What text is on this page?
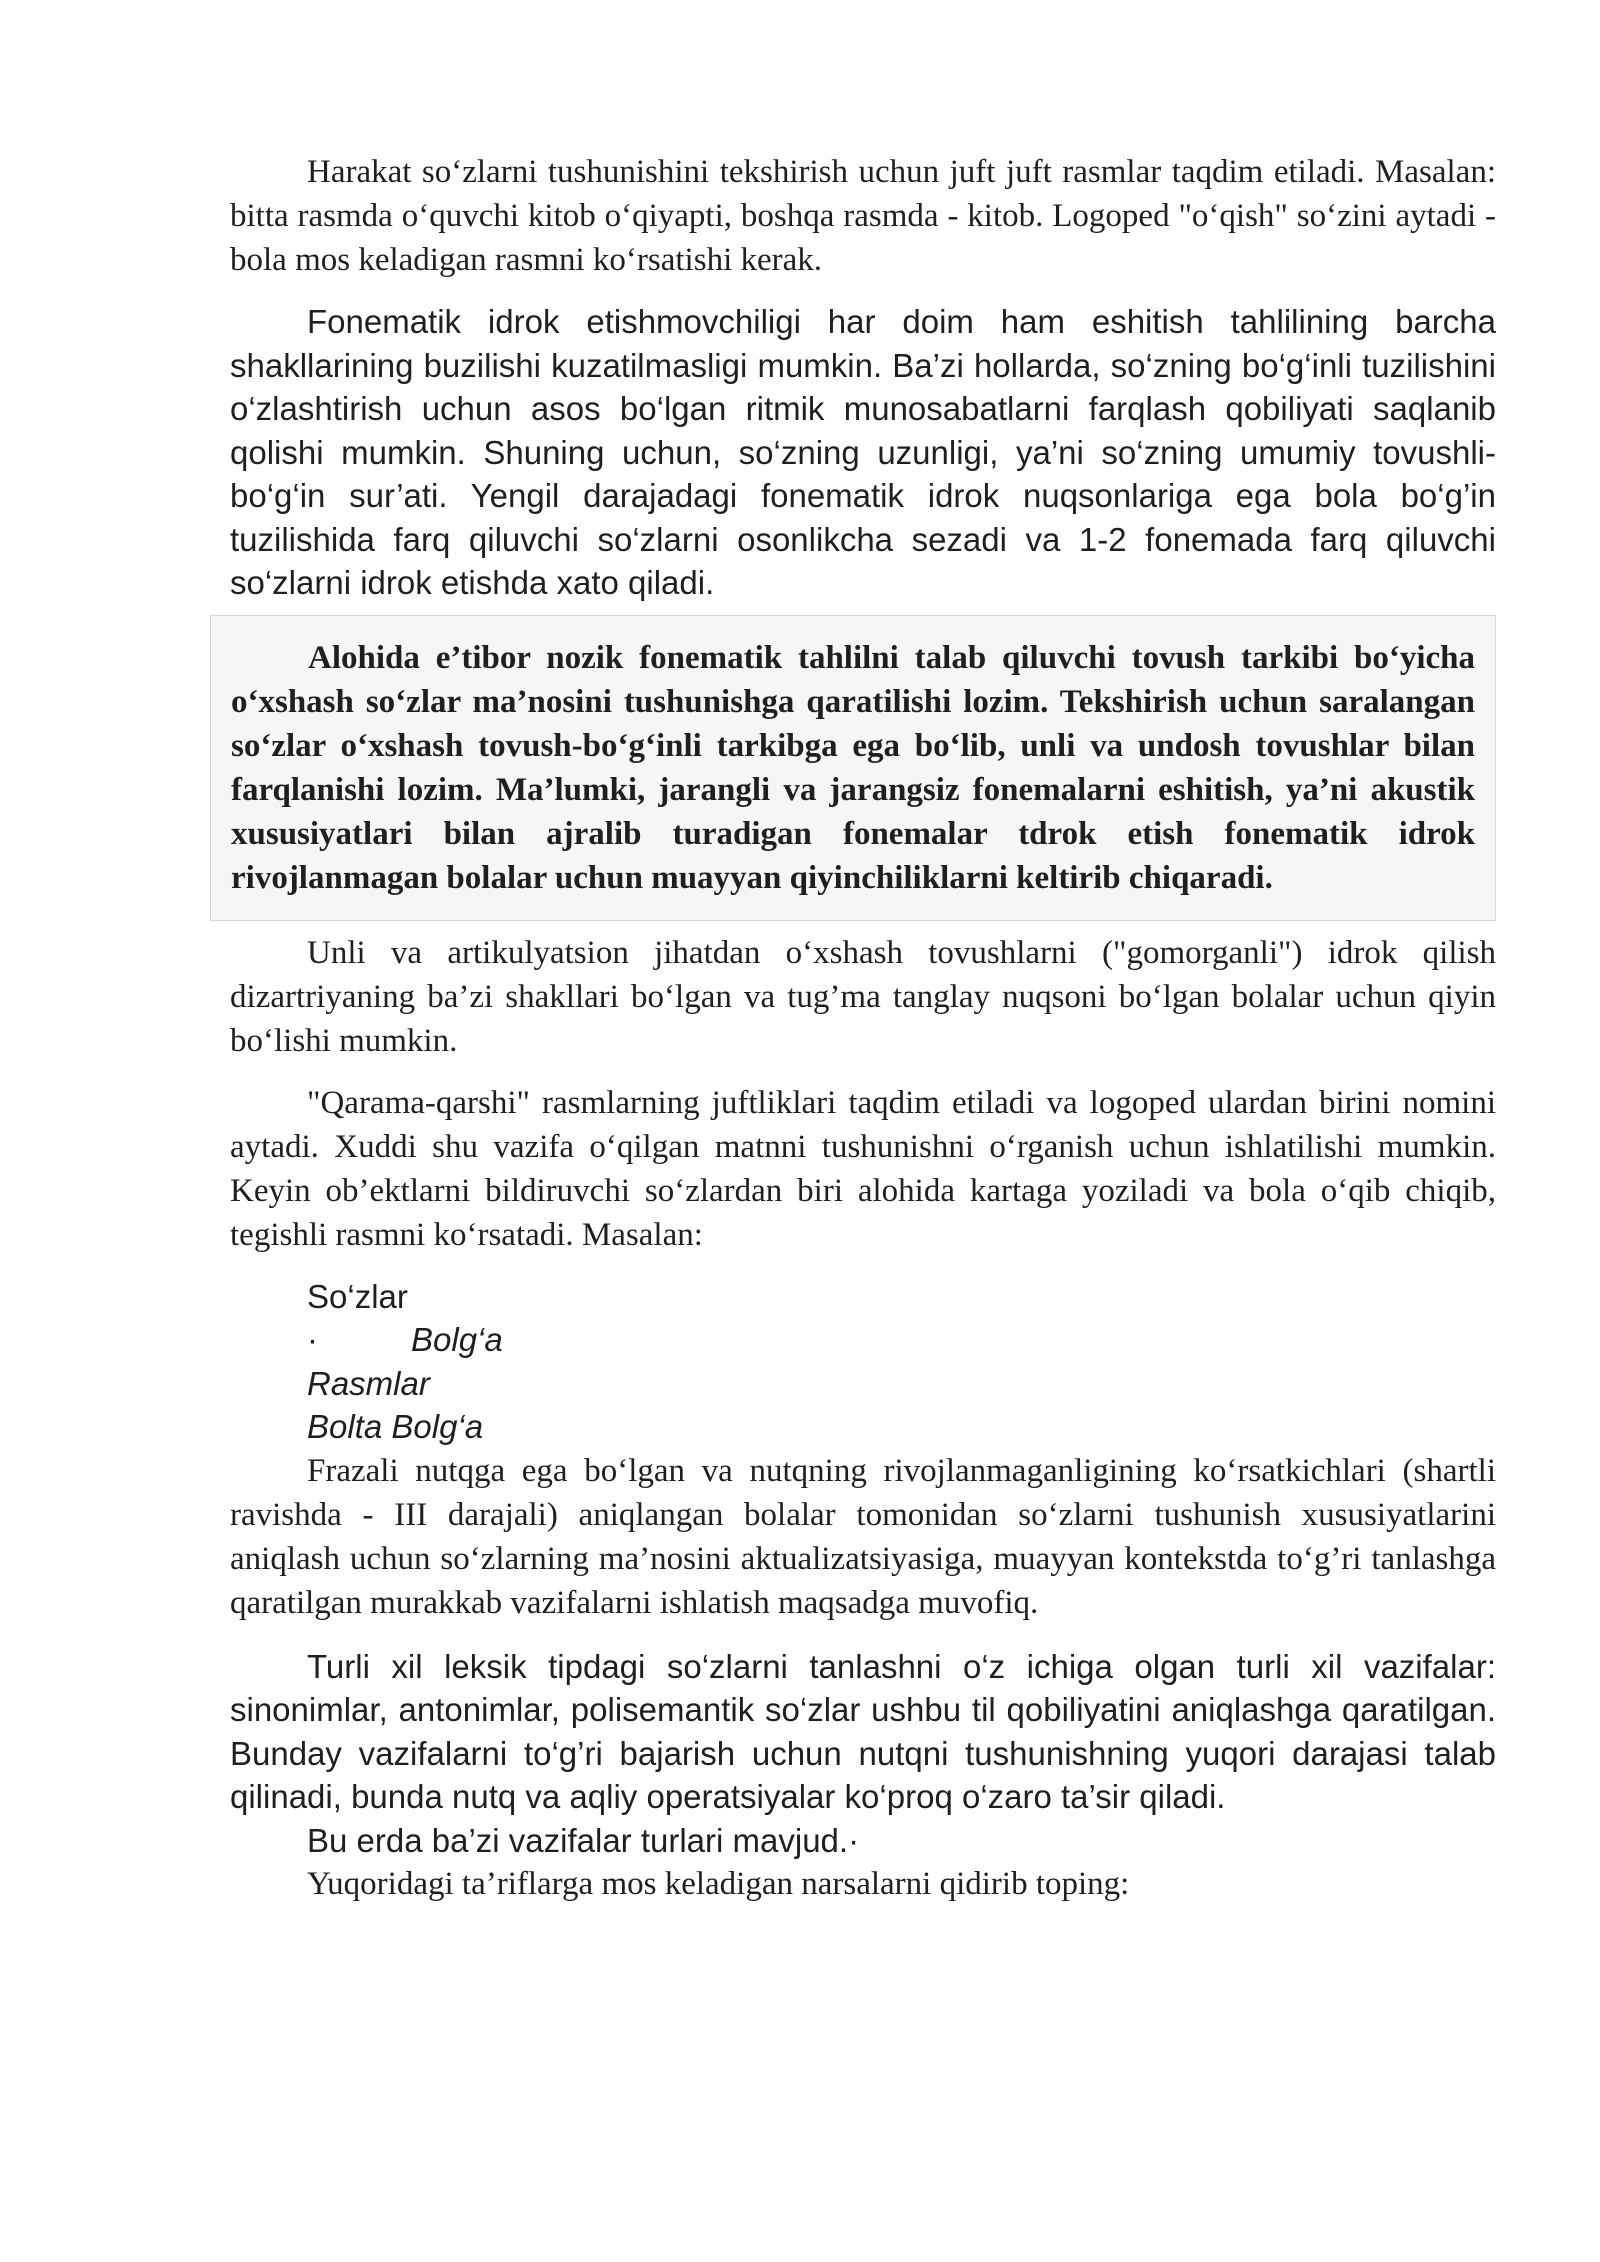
Harakat so‘zlarni tushunishini tekshirish uchun juft juft rasmlar taqdim etiladi. Masalan: bitta rasmda o‘quvchi kitob o‘qiyapti, boshqa rasmda - kitob. Logoped "o‘qish" so‘zini aytadi - bola mos keladigan rasmni ko‘rsatishi kerak.

Fonematik idrok etishmovchiligi har doim ham eshitish tahlilining barcha shakllarining buzilishi kuzatilmasligi mumkin. Ba’zi hollarda, so‘zning bo‘g‘inli tuzilishini o‘zlashtirish uchun asos bo‘lgan ritmik munosabatlarni farqlash qobiliyati saqlanib qolishi mumkin. Shuning uchun, so‘zning uzunligi, ya’ni so‘zning umumiy tovushli-bo‘g‘in sur’ati. Yengil darajadagi fonematik idrok nuqsonlariga ega bola bo‘g’in tuzilishida farq qiluvchi so‘zlarni osonlikcha sezadi va 1-2 fonemada farq qiluvchi so‘zlarni idrok etishda xato qiladi.

Alohida e’tibor nozik fonematik tahlilni talab qiluvchi tovush tarkibi bo‘yicha o‘xshash so‘zlar ma’nosini tushunishga qaratilishi lozim. Tekshirish uchun saralangan so‘zlar o‘xshash tovush-bo‘g‘inli tarkibga ega bo‘lib, unli va undosh tovushlar bilan farqlanishi lozim. Ma’lumki, jarangli va jarangsiz fonemalarni eshitish, ya’ni akustik xususiyatlari bilan ajralib turadigan fonemalar tdrok etish fonematik idrok rivojlanmagan bolalar uchun muayyan qiyinchiliklarni keltirib chiqaradi.

Unli va artikulyatsion jihatdan o‘xshash tovushlarni ("gomorganli") idrok qilish dizartriyaning ba’zi shakllari bo‘lgan va tug’ma tanglay nuqsoni bo‘lgan bolalar uchun qiyin bo‘lishi mumkin.

"Qarama-qarshi" rasmlarning juftliklari taqdim etiladi va logoped ulardan birini nomini aytadi. Xuddi shu vazifa o‘qilgan matnni tushunishni o‘rganish uchun ishlatilishi mumkin. Keyin ob’ektlarni bildiruvchi so‘zlardan biri alohida kartaga yoziladi va bola o‘qib chiqib, tegishli rasmni ko‘rsatadi. Masalan:

So‘zlar
·	Bolg‘a
Rasmlar
Bolta Bolg‘a

Frazali nutqga ega bo‘lgan va nutqning rivojlanmaganligining ko‘rsatkichlari (shartli ravishda - III darajali) aniqlangan bolalar tomonidan so‘zlarni tushunish xususiyatlarini aniqlash uchun so‘zlarning ma’nosini aktualizatsiyasiga, muayyan kontekstda to‘g’ri tanlashga qaratilgan murakkab vazifalarni ishlatish maqsadga muvofiq.

Turli xil leksik tipdagi so‘zlarni tanlashni o‘z ichiga olgan turli xil vazifalar: sinonimlar, antonimlar, polisemantik so‘zlar ushbu til qobiliyatini aniqlashga qaratilgan. Bunday vazifalarni to‘g’ri bajarish uchun nutqni tushunishning yuqori darajasi talab qilinadi, bunda nutq va aqliy operatsiyalar ko‘proq o‘zaro ta’sir qiladi.

Bu erda ba’zi vazifalar turlari mavjud.·

Yuqoridagi ta’riflarga mos keladigan narsalarni qidirib toping:
